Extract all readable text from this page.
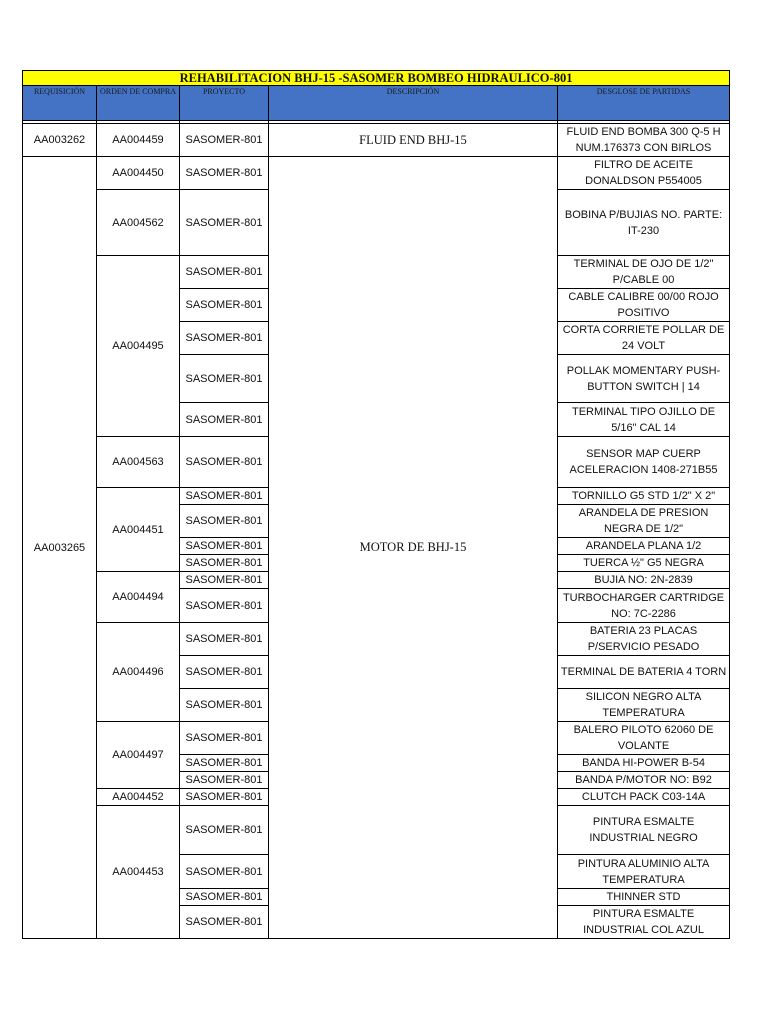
REHABILITACION BHJ-15 -SASOMER BOMBEO HIDRAULICO-801				
REQUISICIÓN	ORDEN DE COMPRA	PROYECTO	DESCRIPCIÓN	DESGLOSE DE PARTIDAS

AA003262	AA004459	SASOMER-801	FLUID END BHJ-15	FLUID END BOMBA 300 Q-5 H NUM.176373 CON BIRLOS
AA003265	AA004450	SASOMER-801	MOTOR DE BHJ-15	FILTRO DE ACEITE DONALDSON P554005
	AA004562	SASOMER-801		BOBINA P/BUJIAS NO. PARTE: IT-230
	AA004495	SASOMER-801		TERMINAL DE OJO DE 1/2" P/CABLE 00
		SASOMER-801		CABLE CALIBRE 00/00 ROJO POSITIVO
		SASOMER-801		CORTA CORRIETE POLLAR DE 24 VOLT
		SASOMER-801		POLLAK MOMENTARY PUSH-BUTTON SWITCH | 14
		SASOMER-801		TERMINAL TIPO OJILLO DE 5/16" CAL 14
	AA004563	SASOMER-801		SENSOR MAP CUERP ACELERACION 1408-271B55
	AA004451	SASOMER-801		TORNILLO G5 STD 1/2" X 2"
		SASOMER-801		ARANDELA DE PRESION NEGRA DE 1/2"
		SASOMER-801		ARANDELA PLANA 1/2
		SASOMER-801		TUERCA ½" G5 NEGRA
	AA004494	SASOMER-801		BUJIA NO: 2N-2839
		SASOMER-801		TURBOCHARGER CARTRIDGE NO: 7C-2286
	AA004496	SASOMER-801		BATERIA 23 PLACAS P/SERVICIO PESADO
		SASOMER-801		TERMINAL DE BATERIA 4 TORN
		SASOMER-801		SILICON NEGRO ALTA TEMPERATURA
	AA004497	SASOMER-801		BALERO PILOTO 62060 DE VOLANTE
		SASOMER-801		BANDA HI-POWER B-54
		SASOMER-801		BANDA P/MOTOR NO: B92
	AA004452	SASOMER-801		CLUTCH PACK C03-14A
	AA004453	SASOMER-801		PINTURA ESMALTE INDUSTRIAL NEGRO
		SASOMER-801		PINTURA ALUMINIO ALTA TEMPERATURA
		SASOMER-801		THINNER STD
		SASOMER-801		PINTURA ESMALTE INDUSTRIAL COL AZUL
